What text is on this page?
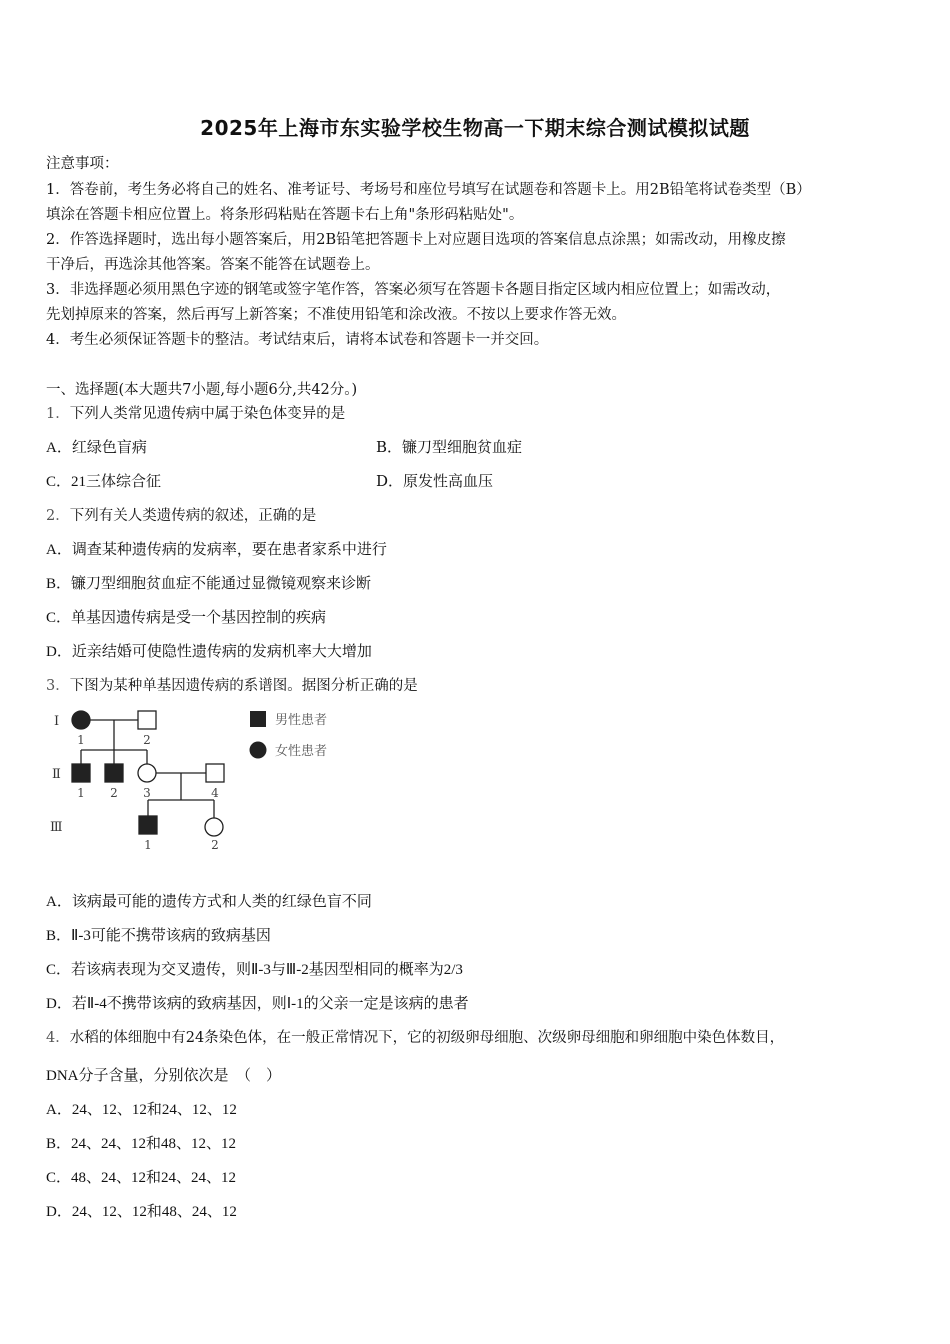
2025年上海市东实验学校生物高一下期末综合测试模拟试题
注意事项：
1．答卷前，考生务必将自己的姓名、准考证号、考场号和座位号填写在试题卷和答题卡上。用2B铅笔将试卷类型（B）
填涂在答题卡相应位置上。将条形码粘贴在答题卡右上角"条形码粘贴处"。
2．作答选择题时，选出每小题答案后，用2B铅笔把答题卡上对应题目选项的答案信息点涂黑；如需改动，用橡皮擦
干净后，再选涂其他答案。答案不能答在试题卷上。
3．非选择题必须用黑色字迹的钢笔或签字笔作答，答案必须写在答题卡各题目指定区域内相应位置上；如需改动，
先划掉原来的答案，然后再写上新答案；不准使用铅笔和涂改液。不按以上要求作答无效。
4．考生必须保证答题卡的整洁。考试结束后，请将本试卷和答题卡一并交回。
一、选择题(本大题共7小题,每小题6分,共42分。)
1．下列人类常见遗传病中属于染色体变异的是
A．红绿色盲病	B．镰刀型细胞贫血症
C．21三体综合征	D．原发性高血压
2．下列有关人类遗传病的叙述，正确的是
A．调查某种遗传病的发病率，要在患者家系中进行
B．镰刀型细胞贫血症不能通过显微镜观察来诊断
C．单基因遗传病是受一个基因控制的疾病
D．近亲结婚可使隐性遗传病的发病机率大大增加
3．下图为某种单基因遗传病的系谱图。据图分析正确的是
Ⅰ
Ⅱ
Ⅲ
1	2
1 2 3	4
1	2
男性患者
女性患者
A．该病最可能的遗传方式和人类的红绿色盲不同
B．Ⅱ-3可能不携带该病的致病基因
C．若该病表现为交叉遗传，则Ⅱ-3与Ⅲ-2基因型相同的概率为2/3
D．若Ⅱ-4不携带该病的致病基因，则Ⅰ-1的父亲一定是该病的患者
4．水稻的体细胞中有24条染色体，在一般正常情况下，它的初级卵母细胞、次级卵母细胞和卵细胞中染色体数目，
DNA分子含量，分别依次是　（　）
A．24、12、12和24、12、12
B．24、24、12和48、12、12
C．48、24、12和24、24、12
D．24、12、12和48、24、12
